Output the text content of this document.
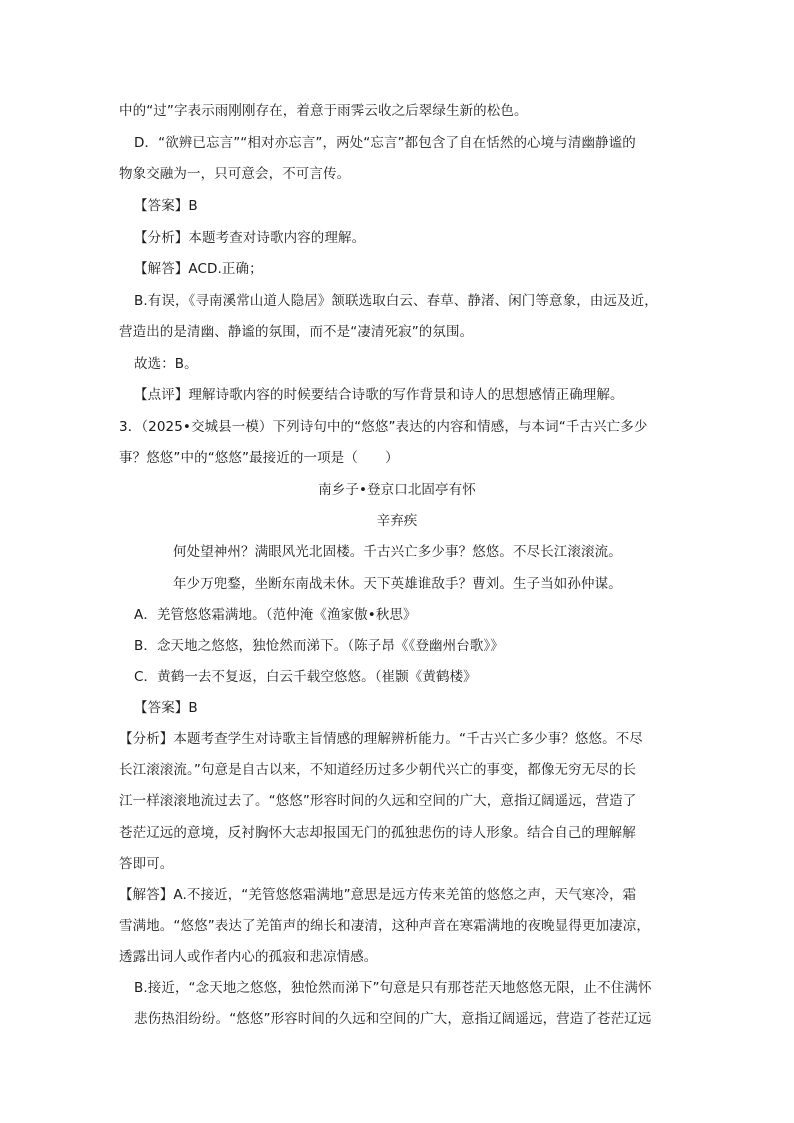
中的“过”字表示雨刚刚存在，着意于雨霁云收之后翠绿生新的松色。
D．“欲辨已忘言”“相对亦忘言”，两处“忘言”都包含了自在恬然的心境与清幽静谧的
物象交融为一，只可意会，不可言传。
【答案】B
【分析】本题考查对诗歌内容的理解。
【解答】ACD.正确；
B.有误，《寻南溪常山道人隐居》颔联选取白云、春草、静渚、闲门等意象，由远及近，
营造出的是清幽、静谧的氛围，而不是“凄清死寂”的氛围。
故选：B。
【点评】理解诗歌内容的时候要结合诗歌的写作背景和诗人的思想感情正确理解。
3．（2025•交城县一模）下列诗句中的“悠悠”表达的内容和情感，与本词“千古兴亡多少
事？悠悠”中的“悠悠”最接近的一项是（　　）
南乡子•登京口北固亭有怀
辛弃疾
何处望神州？满眼风光北固楼。千古兴亡多少事？悠悠。不尽长江滚滚流。
年少万兜鍪，坐断东南战未休。天下英雄谁敌手？曹刘。生子当如孙仲谋。
A．羌管悠悠霜满地。（范仲淹《渔家傲•秋思》
B．念天地之悠悠，独怆然而涕下。（陈子昂《《登幽州台歌》》
C．黄鹤一去不复返，白云千载空悠悠。（崔颢《黄鹤楼》
【答案】B
【分析】本题考查学生对诗歌主旨情感的理解辨析能力。“千古兴亡多少事？悠悠。不尽
长江滚滚流。”句意是自古以来，不知道经历过多少朝代兴亡的事变，都像无穷无尽的长
江一样滚滚地流过去了。“悠悠”形容时间的久远和空间的广大，意指辽阔遥远，营造了
苍茫辽远的意境，反衬胸怀大志却报国无门的孤独悲伤的诗人形象。结合自己的理解解
答即可。
【解答】A.不接近，“羌管悠悠霜满地”意思是远方传来羌笛的悠悠之声，天气寒冷，霜
雪满地。“悠悠”表达了羌笛声的绵长和凄清，这种声音在寒霜满地的夜晚显得更加凄凉，
透露出词人或作者内心的孤寂和悲凉情感。
B.接近，“念天地之悠悠，独怆然而涕下”句意是只有那苍茫天地悠悠无限，止不住满怀
悲伤热泪纷纷。“悠悠”形容时间的久远和空间的广大，意指辽阔遥远，营造了苍茫辽远
